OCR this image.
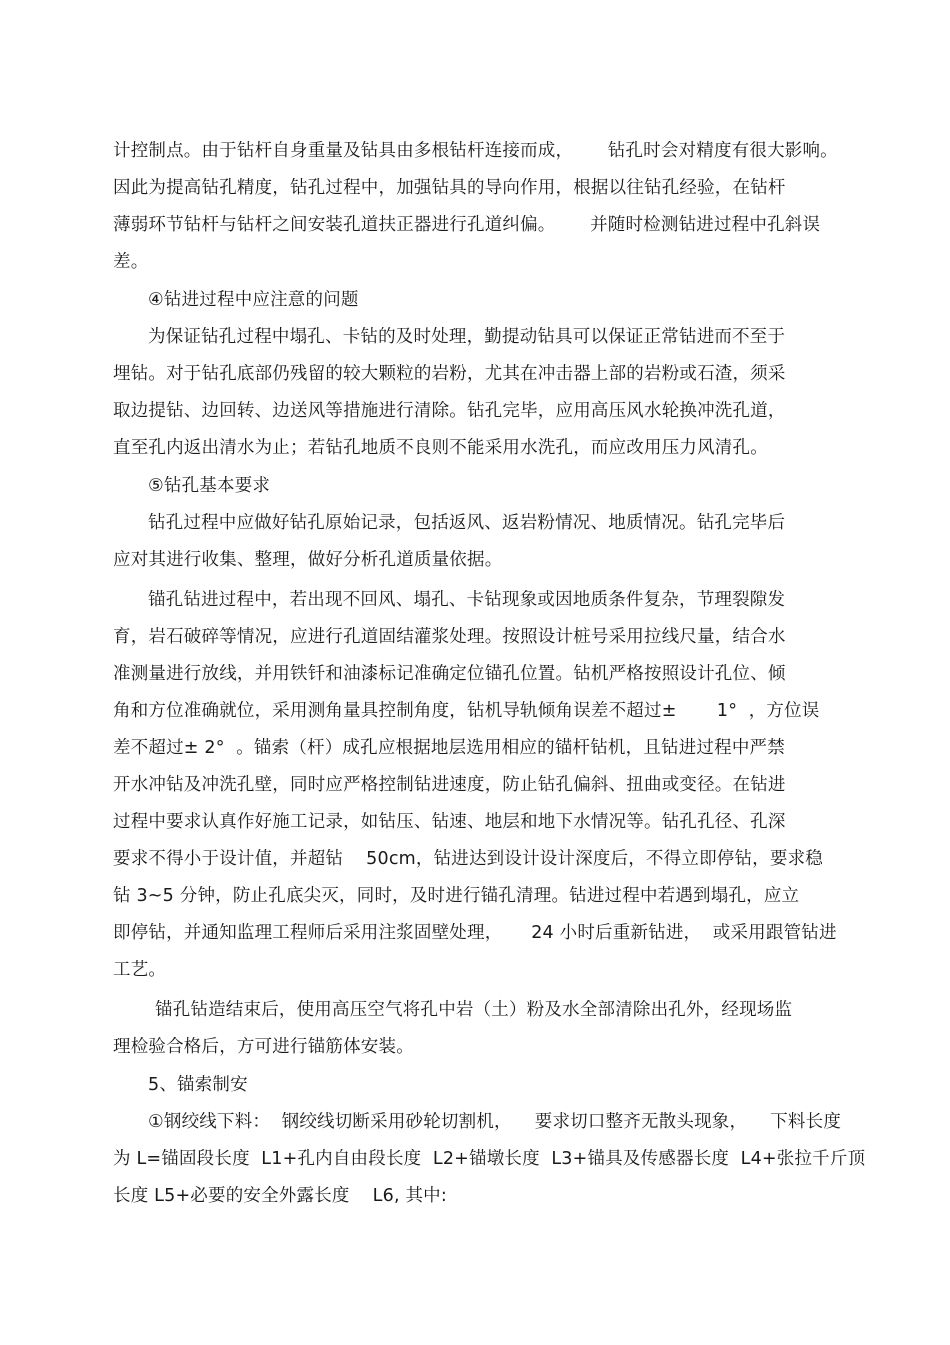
计控制点。由于钻杆自身重量及钻具由多根钻杆连接而成，      钻孔时会对精度有很大影响。
因此为提高钻孔精度，钻孔过程中，加强钻具的导向作用，根据以往钻孔经验，在钻杆
薄弱环节钻杆与钻杆之间安装孔道扶正器进行孔道纠偏。      并随时检测钻进过程中孔斜误
差。
④钻进过程中应注意的问题
为保证钻孔过程中塌孔、卡钻的及时处理，勤提动钻具可以保证正常钻进而不至于
埋钻。对于钻孔底部仍残留的较大颗粒的岩粉，尤其在冲击器上部的岩粉或石渣，须采
取边提钻、边回转、边送风等措施进行清除。钻孔完毕，应用高压风水轮换冲洗孔道，
直至孔内返出清水为止；若钻孔地质不良则不能采用水洗孔，而应改用压力风清孔。
⑤钻孔基本要求
钻孔过程中应做好钻孔原始记录，包括返风、返岩粉情况、地质情况。钻孔完毕后
应对其进行收集、整理，做好分析孔道质量依据。
锚孔钻进过程中，若出现不回风、塌孔、卡钻现象或因地质条件复杂，节理裂隙发
育，岩石破碎等情况，应进行孔道固结灌浆处理。按照设计桩号采用拉线尺量，结合水
准测量进行放线，并用铁钎和油漆标记准确定位锚孔位置。钻机严格按照设计孔位、倾
角和方位准确就位，采用测角量具控制角度，钻机导轨倾角误差不超过±       1°  ，方位误
差不超过± 2°  。锚索（杆）成孔应根据地层选用相应的锚杆钻机，且钻进过程中严禁
开水冲钻及冲洗孔壁，同时应严格控制钻进速度，防止钻孔偏斜、扭曲或变径。在钻进
过程中要求认真作好施工记录，如钻压、钻速、地层和地下水情况等。钻孔孔径、孔深
要求不得小于设计值，并超钻    50cm，钻进达到设计设计深度后，不得立即停钻，要求稳
钻 3~5 分钟，防止孔底尖灭，同时，及时进行锚孔清理。钻进过程中若遇到塌孔，应立
即停钻，并通知监理工程师后采用注浆固壁处理，     24 小时后重新钻进，  或采用跟管钻进
工艺。
锚孔钻造结束后，使用高压空气将孔中岩（土）粉及水全部清除出孔外，经现场监
理检验合格后，方可进行锚筋体安装。
5、锚索制安
①钢绞线下料：  钢绞线切断采用砂轮切割机，    要求切口整齐无散头现象，    下料长度
为 L=锚固段长度  L1+孔内自由段长度  L2+锚墩长度  L3+锚具及传感器长度  L4+张拉千斤顶
长度 L5+必要的安全外露长度    L6, 其中:
